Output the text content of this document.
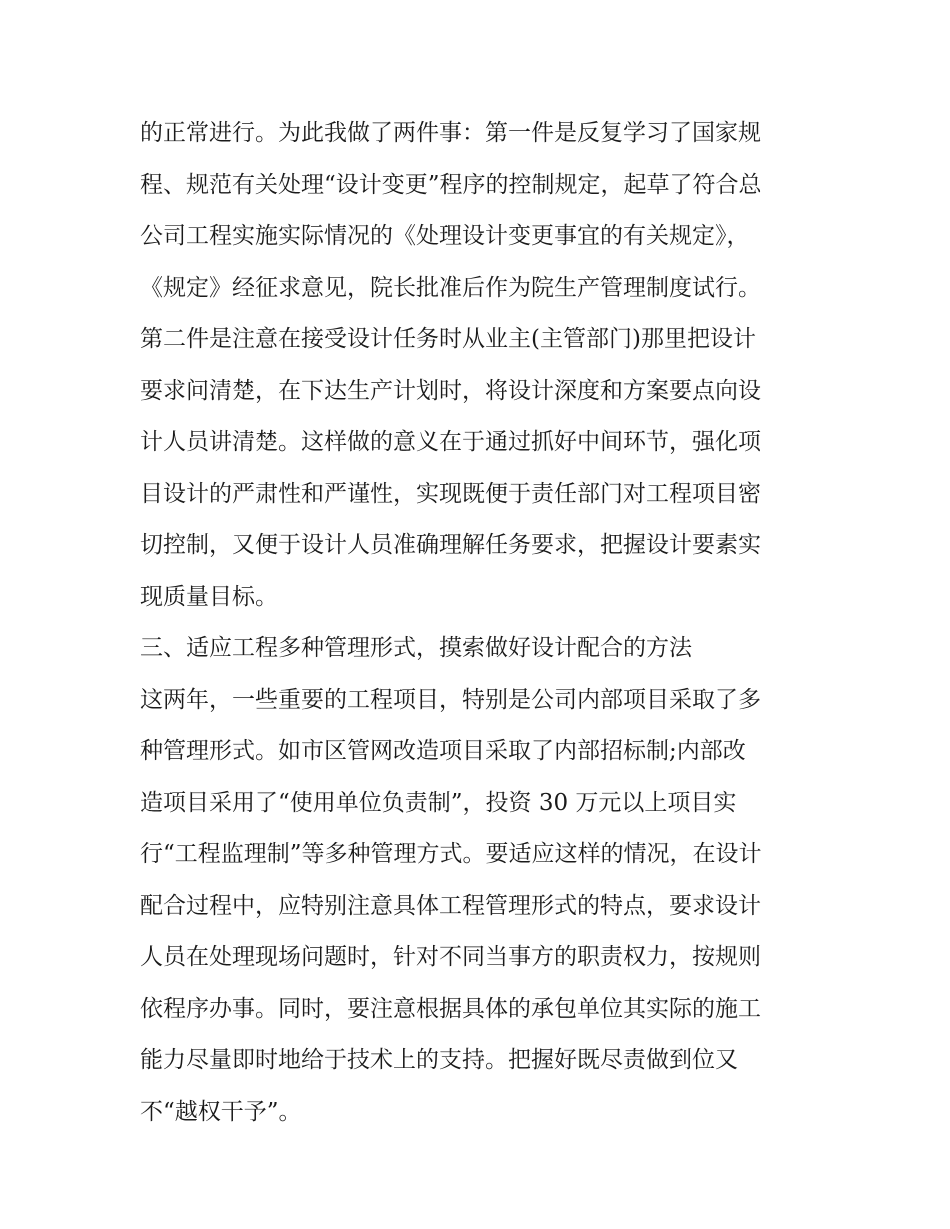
的正常进行。为此我做了两件事：第一件是反复学习了国家规
程、规范有关处理“设计变更”程序的控制规定，起草了符合总
公司工程实施实际情况的《处理设计变更事宜的有关规定》，
《规定》经征求意见，院长批准后作为院生产管理制度试行。
第二件是注意在接受设计任务时从业主(主管部门)那里把设计
要求问清楚，在下达生产计划时，将设计深度和方案要点向设
计人员讲清楚。这样做的意义在于通过抓好中间环节，强化项
目设计的严肃性和严谨性，实现既便于责任部门对工程项目密
切控制，又便于设计人员准确理解任务要求，把握设计要素实
现质量目标。
三、适应工程多种管理形式，摸索做好设计配合的方法
这两年，一些重要的工程项目，特别是公司内部项目采取了多
种管理形式。如市区管网改造项目采取了内部招标制;内部改
造项目采用了“使用单位负责制”，投资 30 万元以上项目实
行“工程监理制”等多种管理方式。要适应这样的情况，在设计
配合过程中，应特别注意具体工程管理形式的特点，要求设计
人员在处理现场问题时，针对不同当事方的职责权力，按规则
依程序办事。同时，要注意根据具体的承包单位其实际的施工
能力尽量即时地给于技术上的支持。把握好既尽责做到位又
不“越权干予”。
